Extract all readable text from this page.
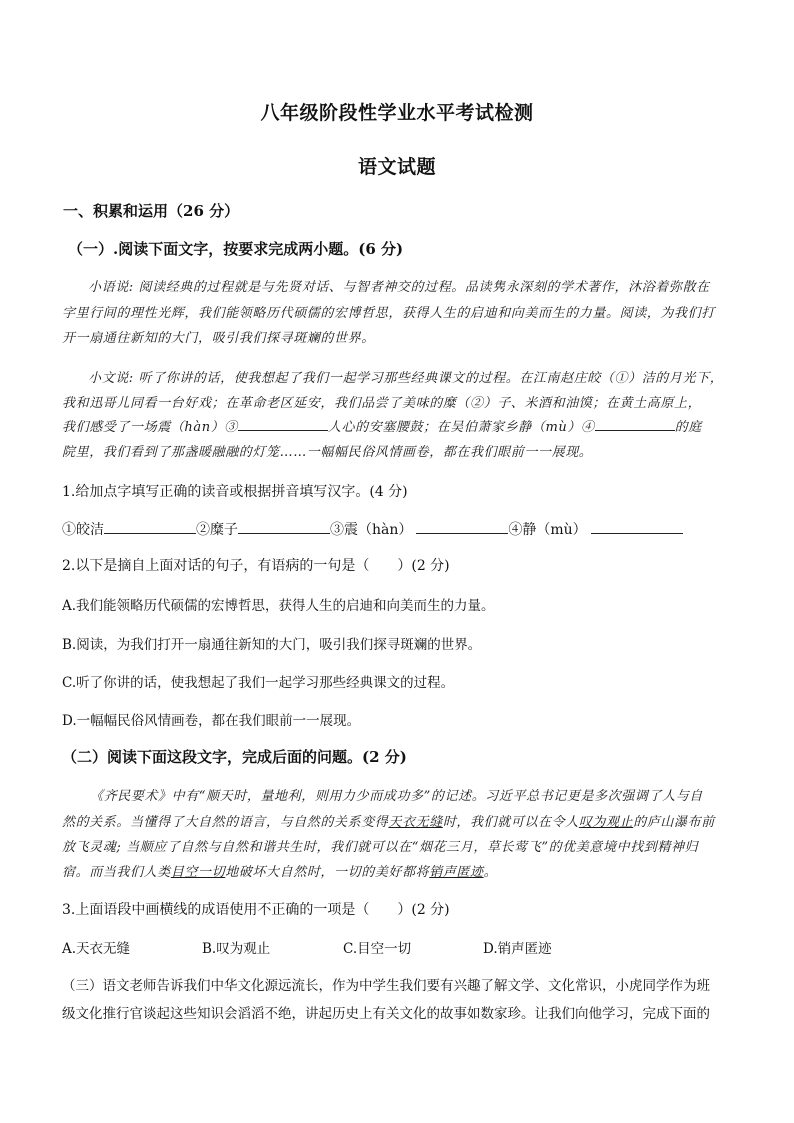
八年级阶段性学业水平考试检测
语文试题
一、积累和运用（26 分）
（一）.阅读下面文字，按要求完成两小题。(6 分)
小语说: 阅读经典的过程就是与先贤对话、与智者神交的过程。品读隽永深刻的学术著作，沐浴着弥散在
字里行间的理性光辉，我们能领略历代硕儒的宏博哲思，获得人生的启迪和向美而生的力量。阅读，为我们打
开一扇通往新知的大门，吸引我们探寻斑斓的世界。
小文说: 听了你讲的话，使我想起了我们一起学习那些经典课文的过程。在江南赵庄皎（①）洁的月光下，
我和迅哥儿同看一台好戏；在革命老区延安，我们品尝了美味的糜（②）子、米酒和油馍；在黄土高原上，
我们感受了一场震（hàn）③	人心的安塞腰鼓；在吴伯萧家乡静（mù）④	的庭
院里，我们看到了那盏暖融融的灯笼……一幅幅民俗风情画卷，都在我们眼前一一展现。
1.给加点字填写正确的读音或根据拼音填写汉字。(4 分)
①皎洁	②糜子	③震（hàn）	④静（mù）
2.以下是摘自上面对话的句子，有语病的一句是（　　）(2 分)
A.我们能领略历代硕儒的宏博哲思，获得人生的启迪和向美而生的力量。
B.阅读，为我们打开一扇通往新知的大门，吸引我们探寻斑斓的世界。
C.听了你讲的话，使我想起了我们一起学习那些经典课文的过程。
D.一幅幅民俗风情画卷，都在我们眼前一一展现。
（二）阅读下面这段文字，完成后面的问题。(2 分)
《齐民要术》中有“顺天时，量地利，则用力少而成功多”的记述。习近平总书记更是多次强调了人与自
然的关系。当懂得了大自然的语言，与自然的关系变得天衣无缝时，我们就可以在令人叹为观止的庐山瀑布前
放飞灵魂; 当顺应了自然与自然和谐共生时，我们就可以在“烟花三月，草长莺飞”的优美意境中找到精神归
宿。而当我们人类目空一切地破坏大自然时，一切的美好都将销声匿迹。
3.上面语段中画横线的成语使用不正确的一项是（　　）(2 分)
A.天衣无缝	B.叹为观止	C.目空一切	D.销声匿迹
（三）语文老师告诉我们中华文化源远流长，作为中学生我们要有兴趣了解文学、文化常识，小虎同学作为班
级文化推行官谈起这些知识会滔滔不绝，讲起历史上有关文化的故事如数家珍。让我们向他学习，完成下面的
